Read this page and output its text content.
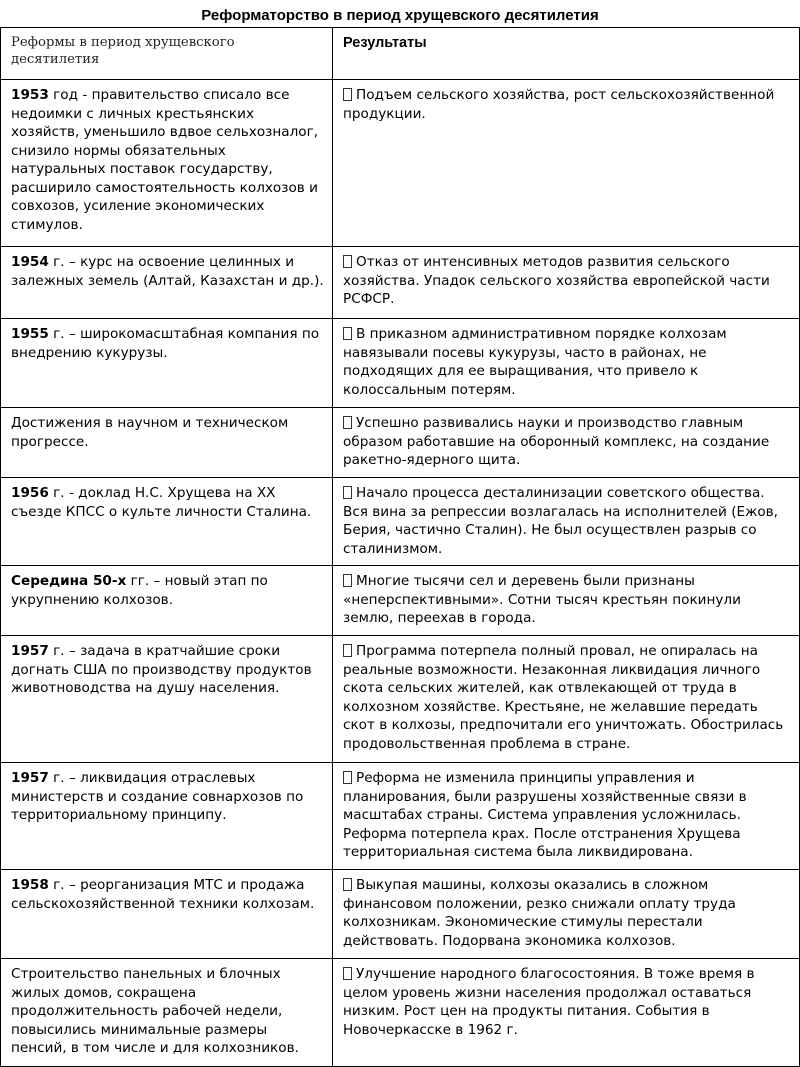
Реформаторство в период хрущевского десятилетия
Реформы в период хрущевского десятилетия	Результаты
1953 год - правительство списало все недоимки с личных крестьянских хозяйств, уменьшило вдвое сельхозналог, снизило нормы обязательных натуральных поставок государству, расширило самостоятельность колхозов и совхозов, усиление экономических стимулов.	Подъем сельского хозяйства, рост сельскохозяйственной продукции.
1954 г. – курс на освоение целинных и залежных земель (Алтай, Казахстан и др.).	Отказ от интенсивных методов развития сельского хозяйства. Упадок сельского хозяйства европейской части РСФСР.
1955 г. – широкомасштабная компания по внедрению кукурузы.	В приказном административном порядке колхозам навязывали посевы кукурузы, часто в районах, не подходящих для ее выращивания, что привело к колоссальным потерям.
Достижения в научном и техническом прогрессе.	Успешно развивались науки и производство главным образом работавшие на оборонный комплекс, на создание ракетно-ядерного щита.
1956 г. - доклад Н.С. Хрущева на XX съезде КПСС о культе личности Сталина.	Начало процесса десталинизации советского общества. Вся вина за репрессии возлагалась на исполнителей (Ежов, Берия, частично Сталин). Не был осуществлен разрыв со сталинизмом.
Середина 50-х гг. – новый этап по укрупнению колхозов.	Многие тысячи сел и деревень были признаны «неперспективными». Сотни тысяч крестьян покинули землю, переехав в города.
1957 г. – задача в кратчайшие сроки догнать США по производству продуктов животноводства на душу населения.	Программа потерпела полный провал, не опиралась на реальные возможности. Незаконная ликвидация личного скота сельских жителей, как отвлекающей от труда в колхозном хозяйстве. Крестьяне, не желавшие передать скот в колхозы, предпочитали его уничтожать. Обострилась продовольственная проблема в стране.
1957 г. – ликвидация отраслевых министерств и создание совнархозов по территориальному принципу.	Реформа не изменила принципы управления и планирования, были разрушены хозяйственные связи в масштабах страны. Система управления усложнилась. Реформа потерпела крах. После отстранения Хрущева территориальная система была ликвидирована.
1958 г. – реорганизация МТС и продажа сельскохозяйственной техники колхозам.	Выкупая машины, колхозы оказались в сложном финансовом положении, резко снижали оплату труда колхозникам. Экономические стимулы перестали действовать. Подорвана экономика колхозов.
Строительство панельных и блочных жилых домов, сокращена продолжительность рабочей недели, повысились минимальные размеры пенсий, в том числе и для колхозников.	Улучшение народного благосостояния. В тоже время в целом уровень жизни населения продолжал оставаться низким. Рост цен на продукты питания. События в Новочеркасске в 1962 г.
